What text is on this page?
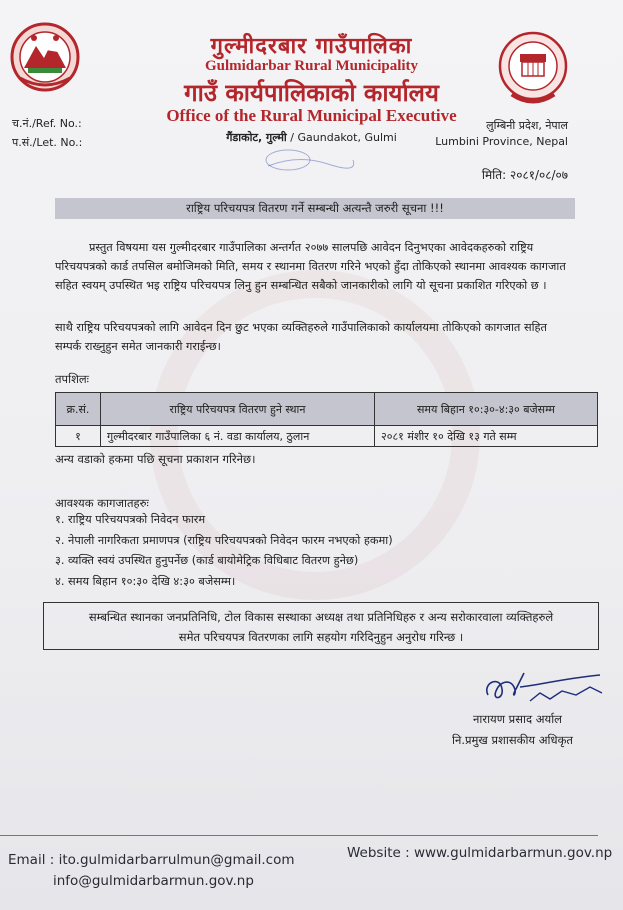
गुल्मीदरबार गाउँपालिका
Gulmidarbar Rural Municipality
गाउँ कार्यपालिकाको कार्यालय
Office of the Rural Municipal Executive
गैंडाकोट, गुल्मी / Gaundakot, Gulmi
च.नं./Ref. No.:
प.सं./Let. No.:
लुम्बिनी प्रदेश, नेपाल
Lumbini Province, Nepal
मिति: २०८१/०८/०७
राष्ट्रिय परिचयपत्र वितरण गर्ने सम्बन्धी अत्यन्तै जरुरी सूचना !!!

प्रस्तुत विषयमा यस गुल्मीदरबार गाउँपालिका अन्तर्गत २०७७ सालपछि आवेदन दिनुभएका आवेदकहरुको राष्ट्रिय परिचयपत्रको कार्ड तपसिल बमोजिमको मिति, समय र स्थानमा वितरण गरिने भएको हुँदा तोकिएको स्थानमा आवश्यक कागजात सहित स्वयम् उपस्थित भइ राष्ट्रिय परिचयपत्र लिनु हुन सम्बन्धित सबैको जानकारीको लागि यो सूचना प्रकाशित गरिएको छ ।

साथै राष्ट्रिय परिचयपत्रको लागि आवेदन दिन छुट भएका व्यक्तिहरुले गाउँपालिकाको कार्यालयमा तोकिएको कागजात सहित सम्पर्क राख्नुहुन समेत जानकारी गराईन्छ।

तपशिलः
क्र.सं.	राष्ट्रिय परिचयपत्र वितरण हुने स्थान	समय बिहान १०:३०-४:३० बजेसम्म
१	गुल्मीदरबार गाउँपालिका ६ नं. वडा कार्यालय, ठुलान	२०८१ मंशीर १० देखि १३ गते सम्म
अन्य वडाको हकमा पछि सूचना प्रकाशन गरिनेछ।
आवश्यक कागजातहरुः
१. राष्ट्रिय परिचयपत्रको निवेदन फारम
२. नेपाली नागरिकता प्रमाणपत्र (राष्ट्रिय परिचयपत्रको निवेदन फारम नभएको हकमा)
३. व्यक्ति स्वयं उपस्थित हुनुपर्नेछ (कार्ड बायोमेट्रिक विधिबाट वितरण हुनेछ)
४. समय बिहान १०:३० देखि ४:३० बजेसम्म।
सम्बन्धित स्थानका जनप्रतिनिधि, टोल विकास सस्थाका अध्यक्ष तथा प्रतिनिधिहरु र अन्य सरोकारवाला व्यक्तिहरुले
समेत परिचयपत्र वितरणका लागि सहयोग गरिदिनुहुन अनुरोध गरिन्छ ।
नारायण प्रसाद अर्याल
नि.प्रमुख प्रशासकीय अधिकृत
Email : ito.gulmidarbarrulmun@gmail.com
info@gulmidarbarmun.gov.np
Website : www.gulmidarbarmun.gov.np
